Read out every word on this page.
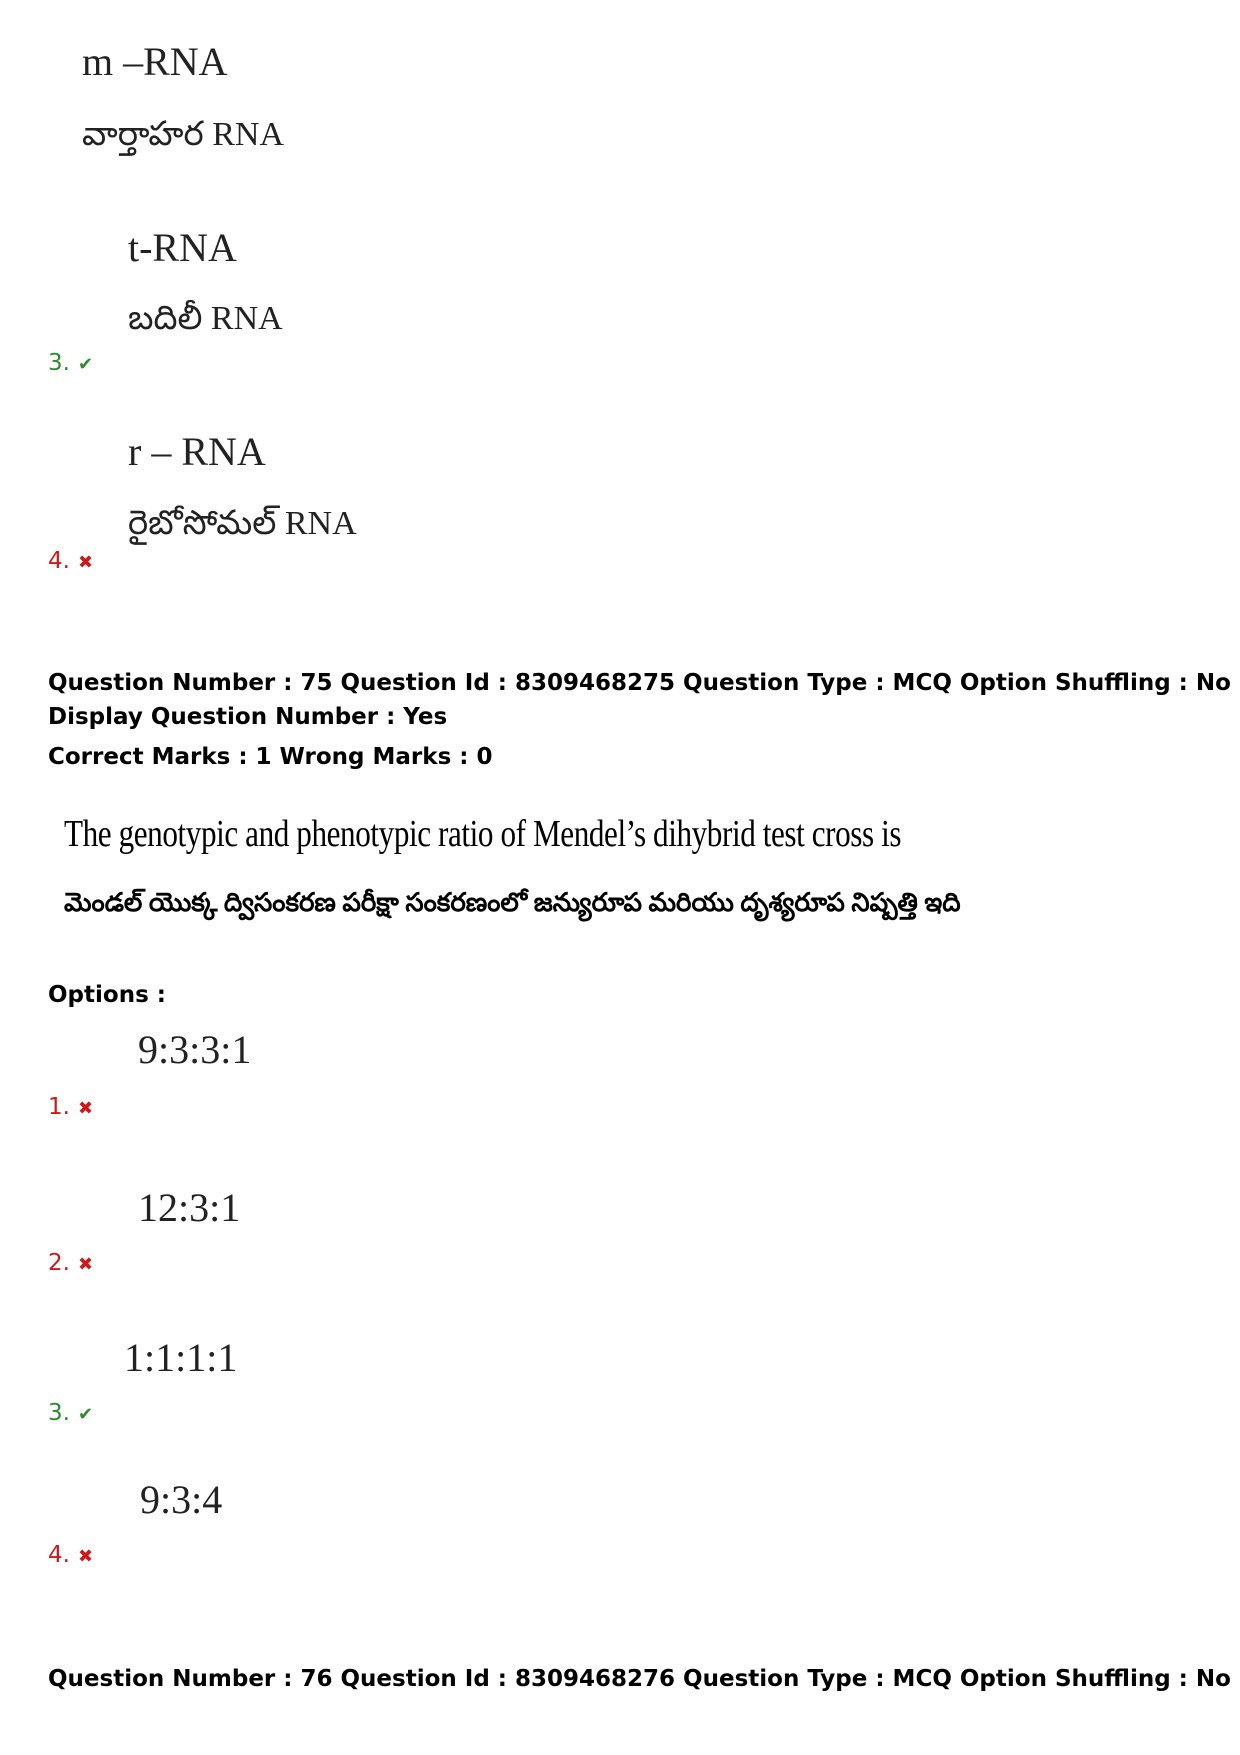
m –RNA
వార్తాహర RNA
t-RNA
బదిలీ RNA
3. ✔
r – RNA
రైబోసోమల్ RNA
4. ✖
Question Number : 75 Question Id : 8309468275 Question Type : MCQ Option Shuffling : No
Display Question Number : Yes
Correct Marks : 1 Wrong Marks : 0
The genotypic and phenotypic ratio of Mendel’s dihybrid test cross is
మెండల్ యొక్క ద్విసంకరణ పరీక్షా సంకరణంలో జన్యురూప మరియు దృశ్యరూప నిష్పత్తి ఇది
Options :
9:3:3:1
1. ✖
12:3:1
2. ✖
1:1:1:1
3. ✔
9:3:4
4. ✖
Question Number : 76 Question Id : 8309468276 Question Type : MCQ Option Shuffling : No
